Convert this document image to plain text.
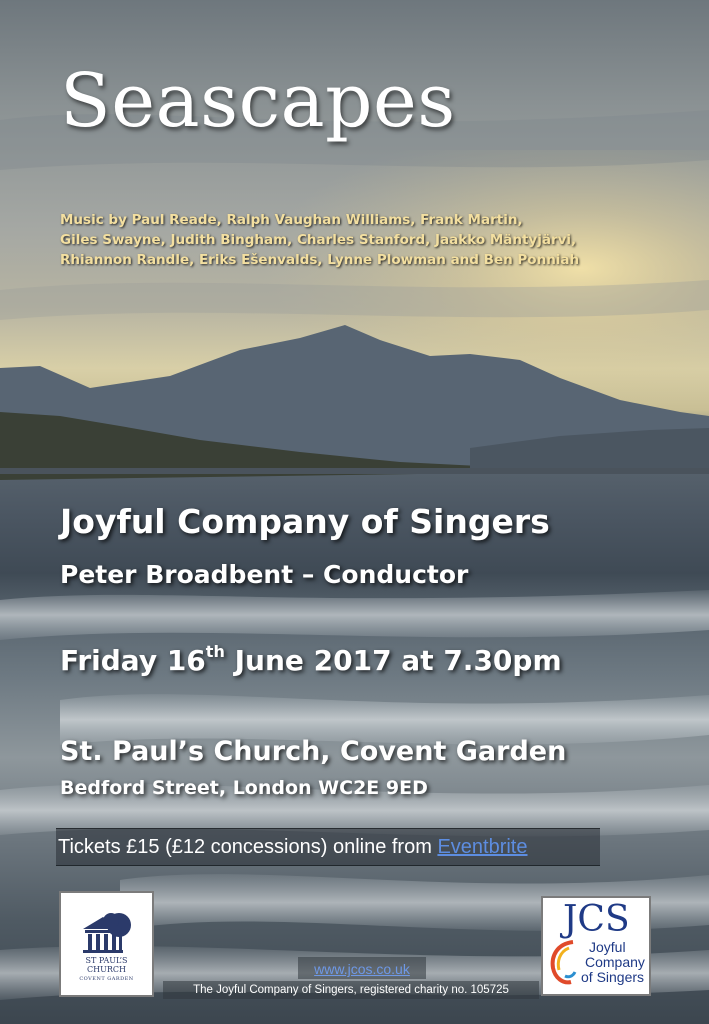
Seascapes
Music by Paul Reade, Ralph Vaughan Williams, Frank Martin,
Giles Swayne, Judith Bingham, Charles Stanford, Jaakko Mäntyjärvi,
Rhiannon Randle, Eriks Ešenvalds, Lynne Plowman and Ben Ponniah

Joyful Company of Singers

Peter Broadbent – Conductor

Friday 16th June 2017 at 7.30pm

St. Paul’s Church, Covent Garden

Bedford Street, London WC2E 9ED

Tickets £15 (£12 concessions) online from Eventbrite

ST PAUL’S
CHURCH
COVENT GARDEN
JCS
Joyful
Company
of Singers
www.jcos.co.uk
The Joyful Company of Singers, registered charity no. 105725
